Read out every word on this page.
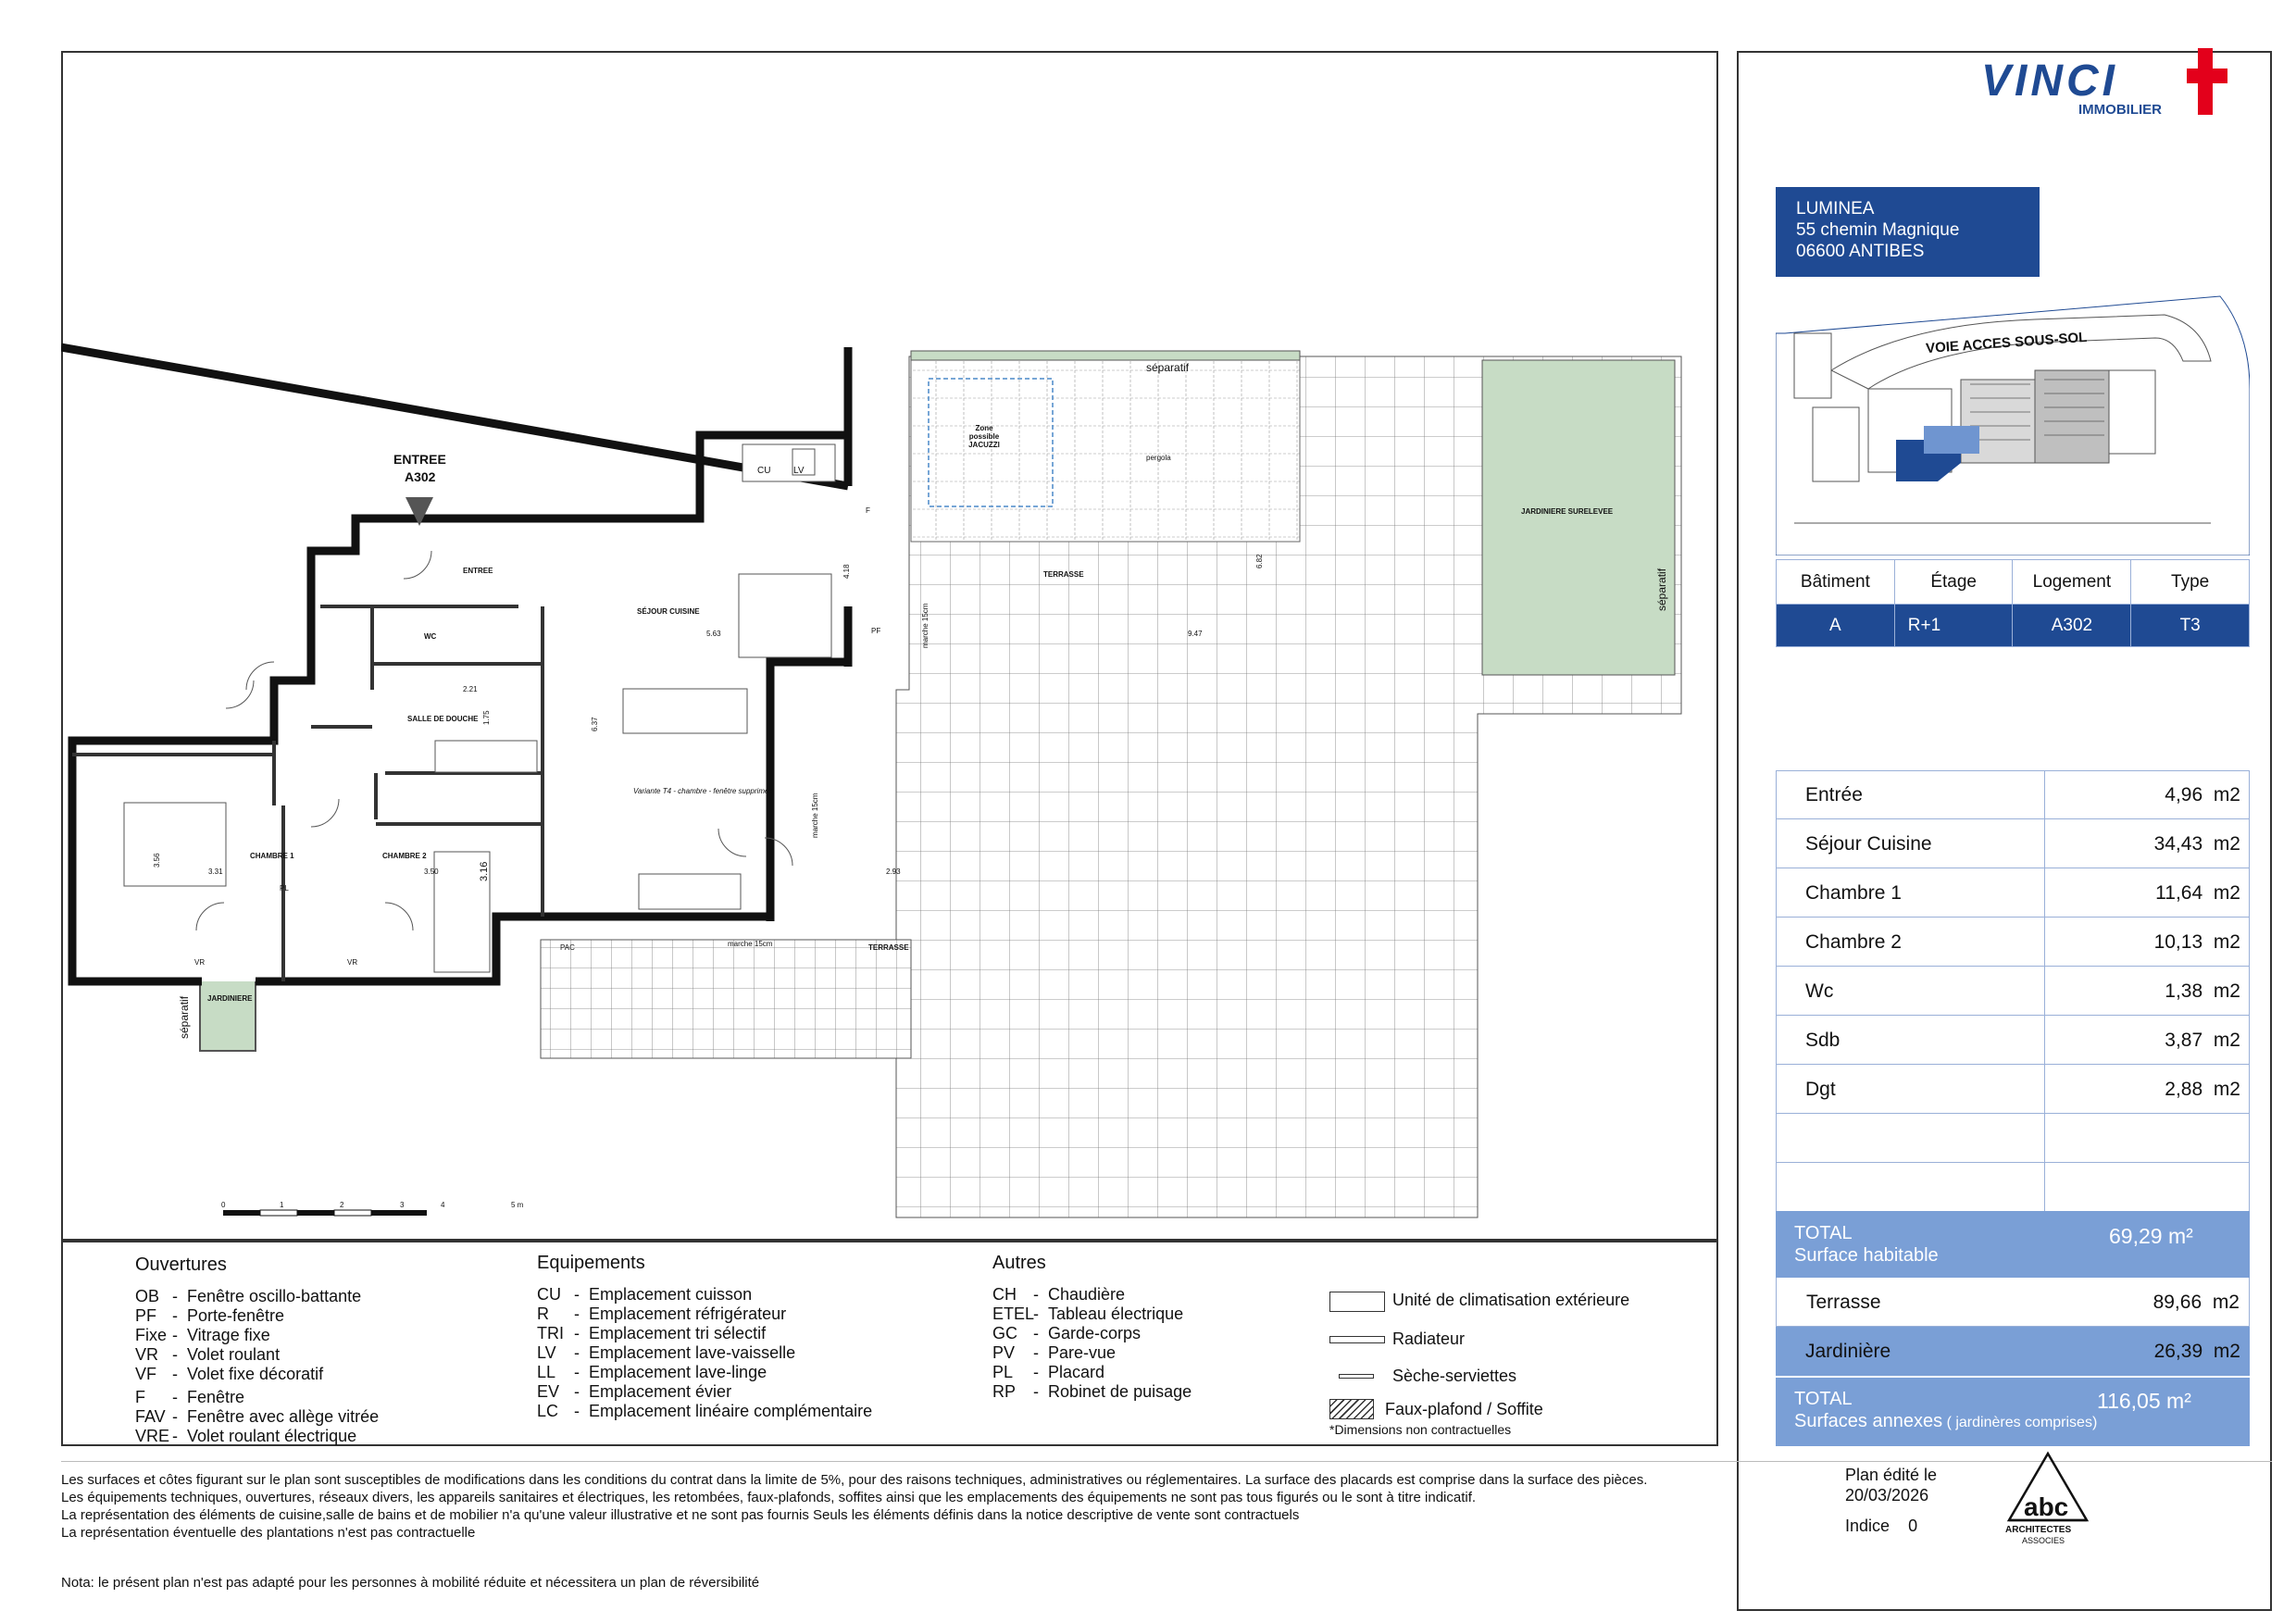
ENTREE
A302
ENTREE
SÉJOUR CUISINE
WC
SALLE DE DOUCHE
CHAMBRE 1	CHAMBRE 2
TERRASSE
TERRASSE
JARDINIERE SURELEVEE
JARDINIERE
pergola
Zone possible JACUZZI
séparatif
séparatif
séparatif
CU LV
F
PF
VR	VR
PL
PAC	marche 15cm
marche 15cm
marche 15cm
Variante T4 - chambre - fenêtre supprimée
5.63
4.18
9.47
6.82
2.21
1.75	6.37
3.56
3.31	3.50	3.16	2.93
0	1	2	3	4	5 m
VINCI
IMMOBILIER
LUMINEA
55 chemin Magnique
06600 ANTIBES
VOIE ACCES SOUS-SOL
Bâtiment	Étage	Logement	Type
A	R+1	A302	T3
Entrée	4,96 m2
Séjour Cuisine	34,43 m2
Chambre 1	11,64 m2
Chambre 2	10,13 m2
Wc	1,38 m2
Sdb	3,87 m2
Dgt	2,88 m2
TOTAL
Surface habitable
69,29 m²
Terrasse	89,66 m2
Jardinière	26,39 m2
TOTAL
Surfaces annexes ( jardinères comprises)
116,05 m²
Ouvertures
OB - Fenêtre oscillo-battante
PF - Porte-fenêtre
Fixe - Vitrage fixe
VR - Volet roulant
VF - Volet fixe décoratif
F - Fenêtre
FAV - Fenêtre avec allège vitrée
VRE - Volet roulant électrique
Equipements
CU - Emplacement cuisson
R - Emplacement réfrigérateur
TRI - Emplacement tri sélectif
LV - Emplacement lave-vaisselle
LL - Emplacement lave-linge
EV - Emplacement évier
LC - Emplacement linéaire complémentaire
Autres
CH - Chaudière
ETEL- Tableau électrique
GC - Garde-corps
PV - Pare-vue
PL - Placard
RP - Robinet de puisage
Unité de climatisation extérieure
Radiateur
Sèche-serviettes
Faux-plafond / Soffite
*Dimensions non contractuelles
Les surfaces et côtes figurant sur le plan sont susceptibles de modifications dans les conditions du contrat dans la limite de 5%, pour des raisons techniques, administratives ou réglementaires. La surface des placards est comprise dans la surface des pièces.
Les équipements techniques, ouvertures, réseaux divers, les appareils sanitaires et électriques, les retombées, faux-plafonds, soffites ainsi que les emplacements des équipements ne sont pas tous figurés ou le sont à titre indicatif.
La représentation des éléments de cuisine,salle de bains et de mobilier n'a qu'une valeur illustrative et ne sont pas fournis Seuls les éléments définis dans la notice descriptive de vente sont contractuels
La représentation éventuelle des plantations n'est pas contractuelle
Nota: le présent plan n'est pas adapté pour les personnes à mobilité réduite et nécessitera un plan de réversibilité
Plan édité le
20/03/2026
Indice 0
abc
ARCHITECTES
ASSOCIES
